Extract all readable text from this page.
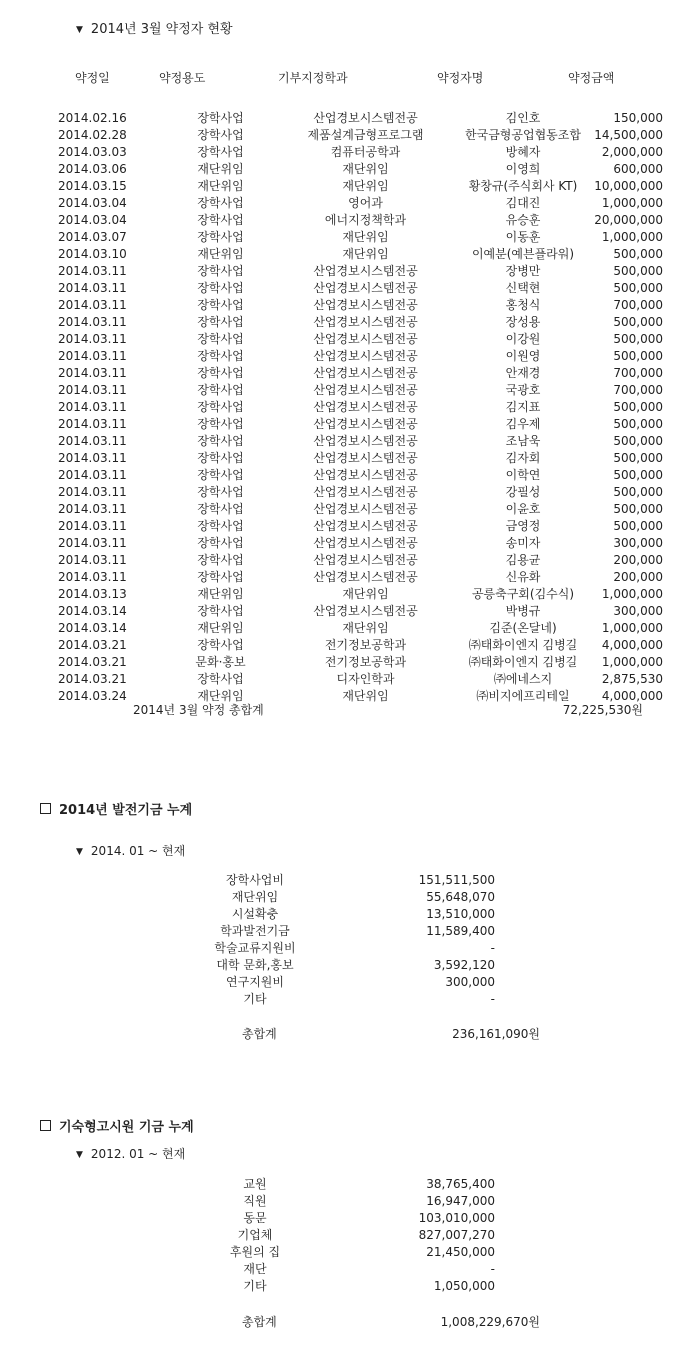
▼ 2014년 3월 약정자 현황
약정일	약정용도	기부지정학과	약정자명	약정금액
2014.02.16	장학사업	산업경보시스템전공	김인호	150,000
2014.02.28	장학사업	제품설계금형프로그램	한국금형공업협동조합	14,500,000
2014.03.03	장학사업	컴퓨터공학과	방혜자	2,000,000
2014.03.06	재단위임	재단위임	이영희	600,000
2014.03.15	재단위임	재단위임	황창규(주식회사 KT)	10,000,000
2014.03.04	장학사업	영어과	김대진	1,000,000
2014.03.04	장학사업	에너지정책학과	유승훈	20,000,000
2014.03.07	장학사업	재단위임	이동훈	1,000,000
2014.03.10	재단위임	재단위임	이예분(예븐플라워)	500,000
2014.03.11	장학사업	산업경보시스템전공	장병만	500,000
2014.03.11	장학사업	산업경보시스템전공	신택현	500,000
2014.03.11	장학사업	산업경보시스템전공	홍청식	700,000
2014.03.11	장학사업	산업경보시스템전공	장성용	500,000
2014.03.11	장학사업	산업경보시스템전공	이강원	500,000
2014.03.11	장학사업	산업경보시스템전공	이원영	500,000
2014.03.11	장학사업	산업경보시스템전공	안재경	700,000
2014.03.11	장학사업	산업경보시스템전공	국광호	700,000
2014.03.11	장학사업	산업경보시스템전공	김지표	500,000
2014.03.11	장학사업	산업경보시스템전공	김우제	500,000
2014.03.11	장학사업	산업경보시스템전공	조남욱	500,000
2014.03.11	장학사업	산업경보시스템전공	김자회	500,000
2014.03.11	장학사업	산업경보시스템전공	이학연	500,000
2014.03.11	장학사업	산업경보시스템전공	강필성	500,000
2014.03.11	장학사업	산업경보시스템전공	이윤호	500,000
2014.03.11	장학사업	산업경보시스템전공	금영정	500,000
2014.03.11	장학사업	산업경보시스템전공	송미자	300,000
2014.03.11	장학사업	산업경보시스템전공	김용균	200,000
2014.03.11	장학사업	산업경보시스템전공	신유화	200,000
2014.03.13	재단위임	재단위임	공릉축구회(김수식)	1,000,000
2014.03.14	장학사업	산업경보시스템전공	박병규	300,000
2014.03.14	재단위임	재단위임	김준(온달네)	1,000,000
2014.03.21	장학사업	전기정보공학과	㈜태화이엔지 김병길	4,000,000
2014.03.21	문화·홍보	전기정보공학과	㈜태화이엔지 김병길	1,000,000
2014.03.21	장학사업	디자인학과	㈜에네스지	2,875,530
2014.03.24	재단위임	재단위임	㈜비지에프리테일	4,000,000
2014년 3월 약정 총합계	72,225,530원
2014년 발전기금 누계
▼ 2014. 01 ~ 현재
장학사업비		151,511,500
재단위임		55,648,070
시설확충		13,510,000
학과발전기금		11,589,400
학술교류지원비		-
대학 문화,홍보		3,592,120
연구지원비		300,000
기타		-
총합계	236,161,090원
기숙형고시원 기금 누계
▼ 2012. 01 ~ 현재
교원		38,765,400
직원		16,947,000
동문		103,010,000
기업체		827,007,270
후원의 집		21,450,000
재단		-
기타		1,050,000
총합계	1,008,229,670원
